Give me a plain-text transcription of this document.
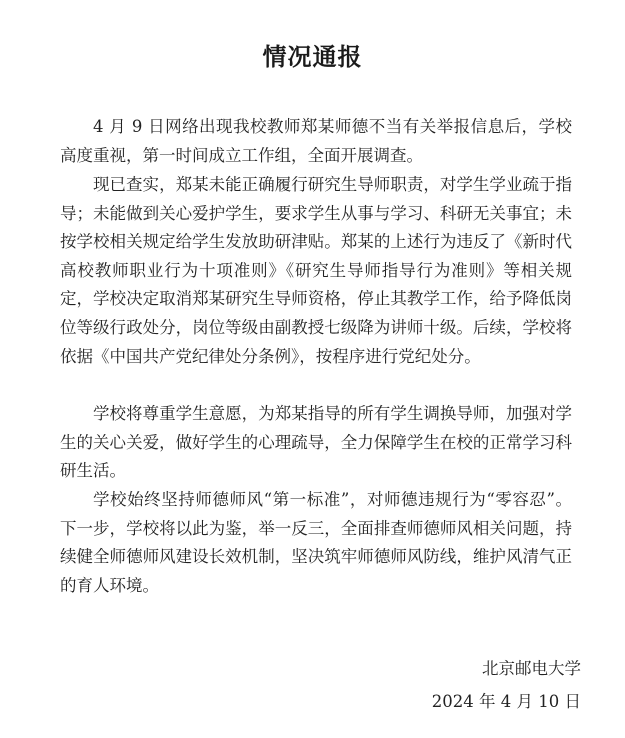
情况通报

4 月 9 日网络出现我校教师郑某师德不当有关举报信息后，学校高度重视，第一时间成立工作组，全面开展调查。

现已查实，郑某未能正确履行研究生导师职责，对学生学业疏于指导；未能做到关心爱护学生，要求学生从事与学习、科研无关事宜；未按学校相关规定给学生发放助研津贴。郑某的上述行为违反了《新时代高校教师职业行为十项准则》《研究生导师指导行为准则》等相关规定，学校决定取消郑某研究生导师资格，停止其教学工作，给予降低岗位等级行政处分，岗位等级由副教授七级降为讲师十级。后续，学校将依据《中国共产党纪律处分条例》，按程序进行党纪处分。

学校将尊重学生意愿，为郑某指导的所有学生调换导师，加强对学生的关心关爱，做好学生的心理疏导，全力保障学生在校的正常学习科研生活。

学校始终坚持师德师风“第一标准”，对师德违规行为“零容忍”。下一步，学校将以此为鉴，举一反三，全面排查师德师风相关问题，持续健全师德师风建设长效机制，坚决筑牢师德师风防线，维护风清气正的育人环境。

北京邮电大学
2024 年 4 月 10 日
